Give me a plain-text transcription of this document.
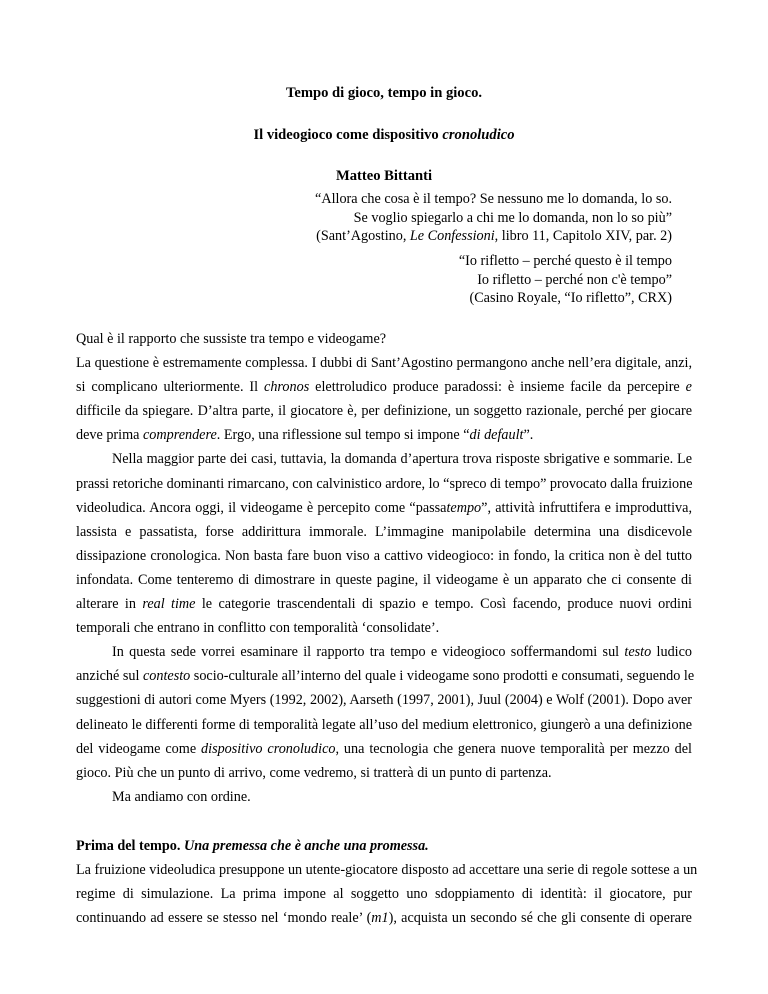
Tempo di gioco, tempo in gioco.
Il videogioco come dispositivo cronoludico
Matteo Bittanti
“Allora che cosa è il tempo? Se nessuno me lo domanda, lo so.
Se voglio spiegarlo a chi me lo domanda, non lo so più”
(Sant’Agostino, Le Confessioni, libro 11, Capitolo XIV, par. 2)
“Io rifletto – perché questo è il tempo
Io rifletto – perché non c'è tempo”
(Casino Royale, “Io rifletto”, CRX)

Qual è il rapporto che sussiste tra tempo e videogame?
La questione è estremamente complessa. I dubbi di Sant’Agostino permangono anche nell’era digitale, anzi,
si complicano ulteriormente. Il chronos elettroludico produce paradossi: è insieme facile da percepire e
difficile da spiegare. D’altra parte, il giocatore è, per definizione, un soggetto razionale, perché per giocare
deve prima comprendere. Ergo, una riflessione sul tempo si impone “di default”.

Nella maggior parte dei casi, tuttavia, la domanda d’apertura trova risposte sbrigative e sommarie. Le
prassi retoriche dominanti rimarcano, con calvinistico ardore, lo “spreco di tempo” provocato dalla fruizione
videoludica. Ancora oggi, il videogame è percepito come “passatempo”, attività infruttifera e improduttiva,
lassista e passatista, forse addirittura immorale. L’immagine manipolabile determina una disdicevole
dissipazione cronologica. Non basta fare buon viso a cattivo videogioco: in fondo, la critica non è del tutto
infondata. Come tenteremo di dimostrare in queste pagine, il videogame è un apparato che ci consente di
alterare in real time le categorie trascendentali di spazio e tempo. Così facendo, produce nuovi ordini
temporali che entrano in conflitto con temporalità ‘consolidate’.

In questa sede vorrei esaminare il rapporto tra tempo e videogioco soffermandomi sul testo ludico
anziché sul contesto socio-culturale all’interno del quale i videogame sono prodotti e consumati, seguendo le
suggestioni di autori come Myers (1992, 2002), Aarseth (1997, 2001), Juul (2004) e Wolf (2001). Dopo aver
delineato le differenti forme di temporalità legate all’uso del medium elettronico, giungerò a una definizione
del videogame come dispositivo cronoludico, una tecnologia che genera nuove temporalità per mezzo del
gioco. Più che un punto di arrivo, come vedremo, si tratterà di un punto di partenza.

Ma andiamo con ordine.

Prima del tempo. Una premessa che è anche una promessa.

La fruizione videoludica presuppone un utente-giocatore disposto ad accettare una serie di regole sottese a un
regime di simulazione. La prima impone al soggetto uno sdoppiamento di identità: il giocatore, pur
continuando ad essere se stesso nel ‘mondo reale’ (m1), acquista un secondo sé che gli consente di operare
